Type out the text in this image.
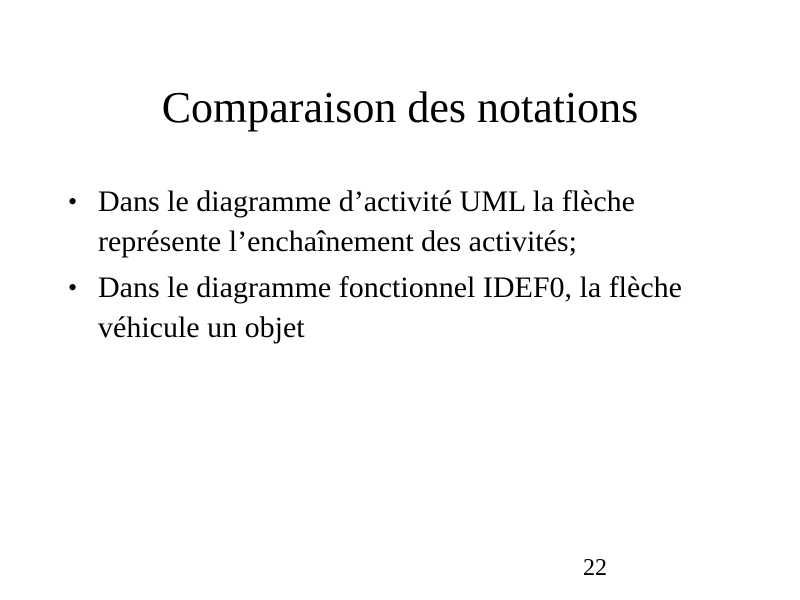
Comparaison des notations
• Dans le diagramme d’activité UML la flèche représente l’enchaînement des activités;
• Dans le diagramme fonctionnel IDEF0, la flèche véhicule un objet
22
